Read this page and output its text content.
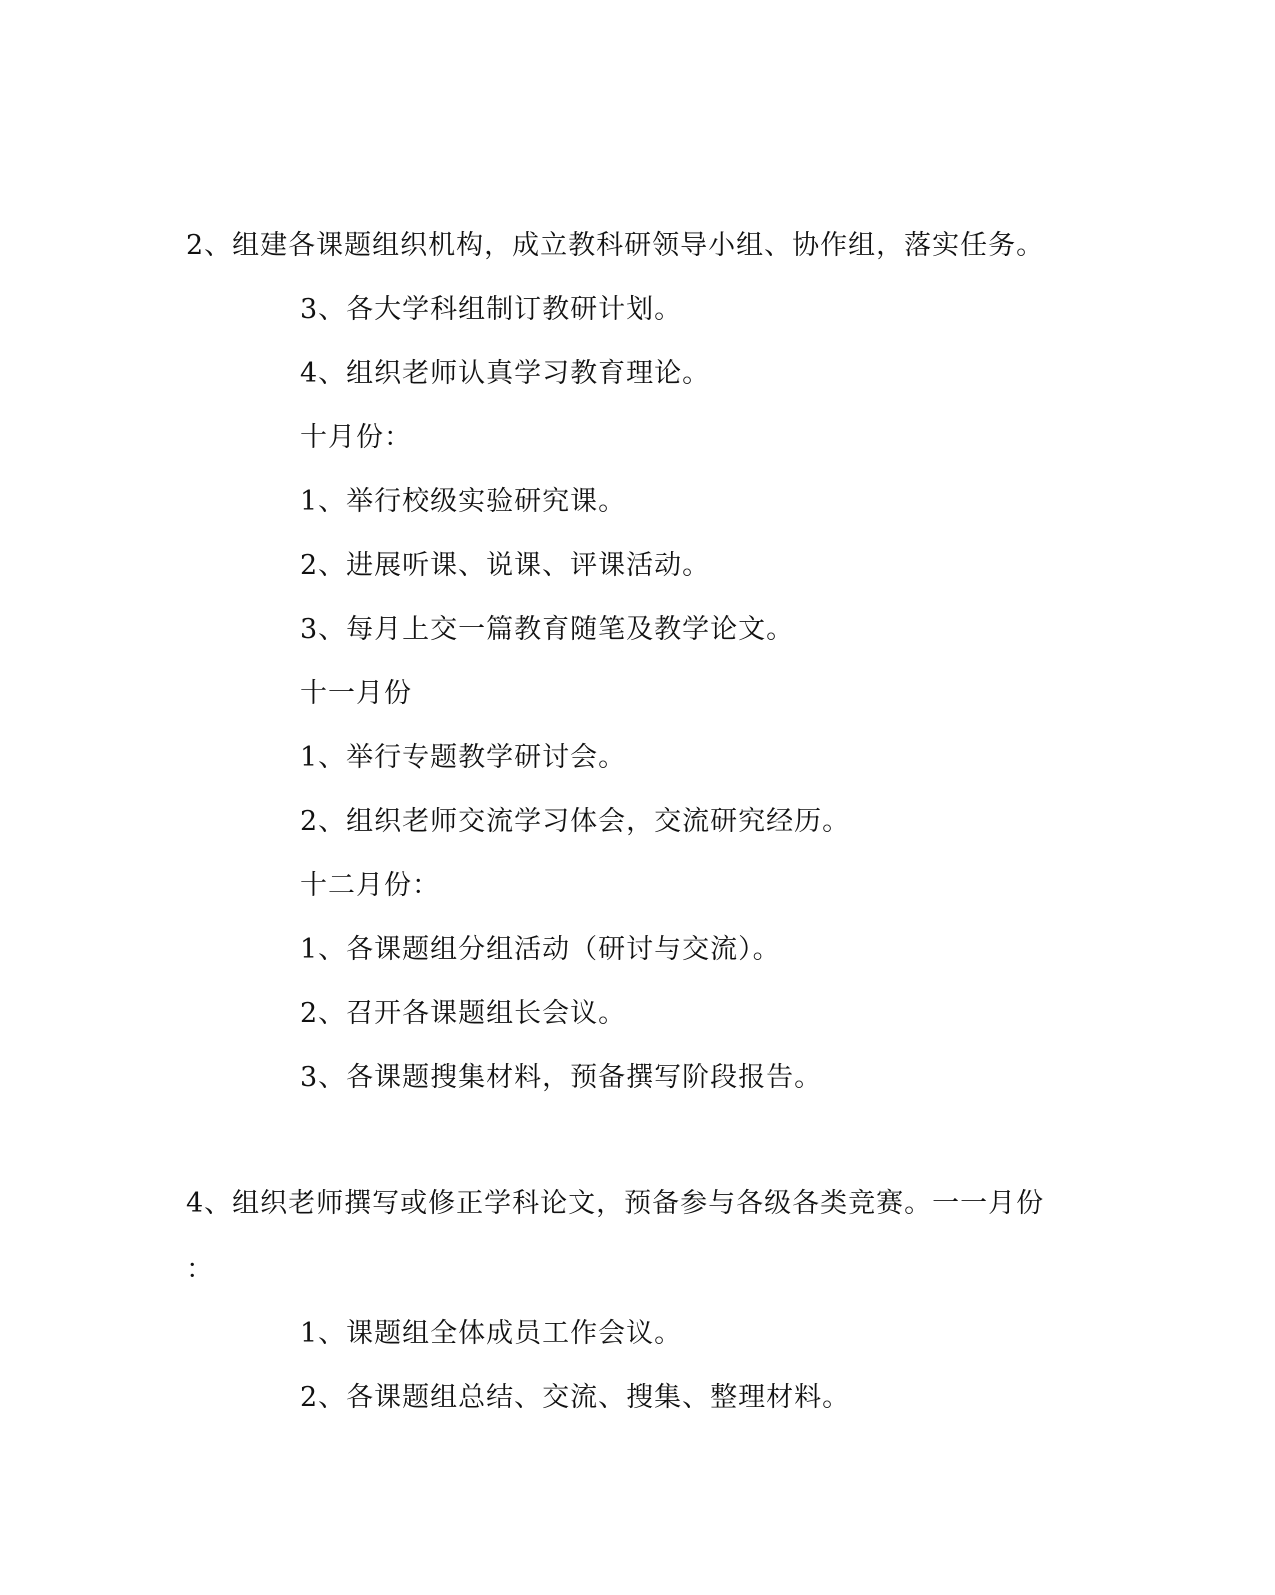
2、组建各课题组织机构，成立教科研领导小组、协作组，落实任务。
3、各大学科组制订教研计划。
4、组织老师认真学习教育理论。
十月份：
1、举行校级实验研究课。
2、进展听课、说课、评课活动。
3、每月上交一篇教育随笔及教学论文。
十一月份
1、举行专题教学研讨会。
2、组织老师交流学习体会，交流研究经历。
十二月份：
1、各课题组分组活动（研讨与交流）。
2、召开各课题组长会议。
3、各课题搜集材料，预备撰写阶段报告。
4、组织老师撰写或修正学科论文，预备参与各级各类竞赛。一一月份
：
1、课题组全体成员工作会议。
2、各课题组总结、交流、搜集、整理材料。
